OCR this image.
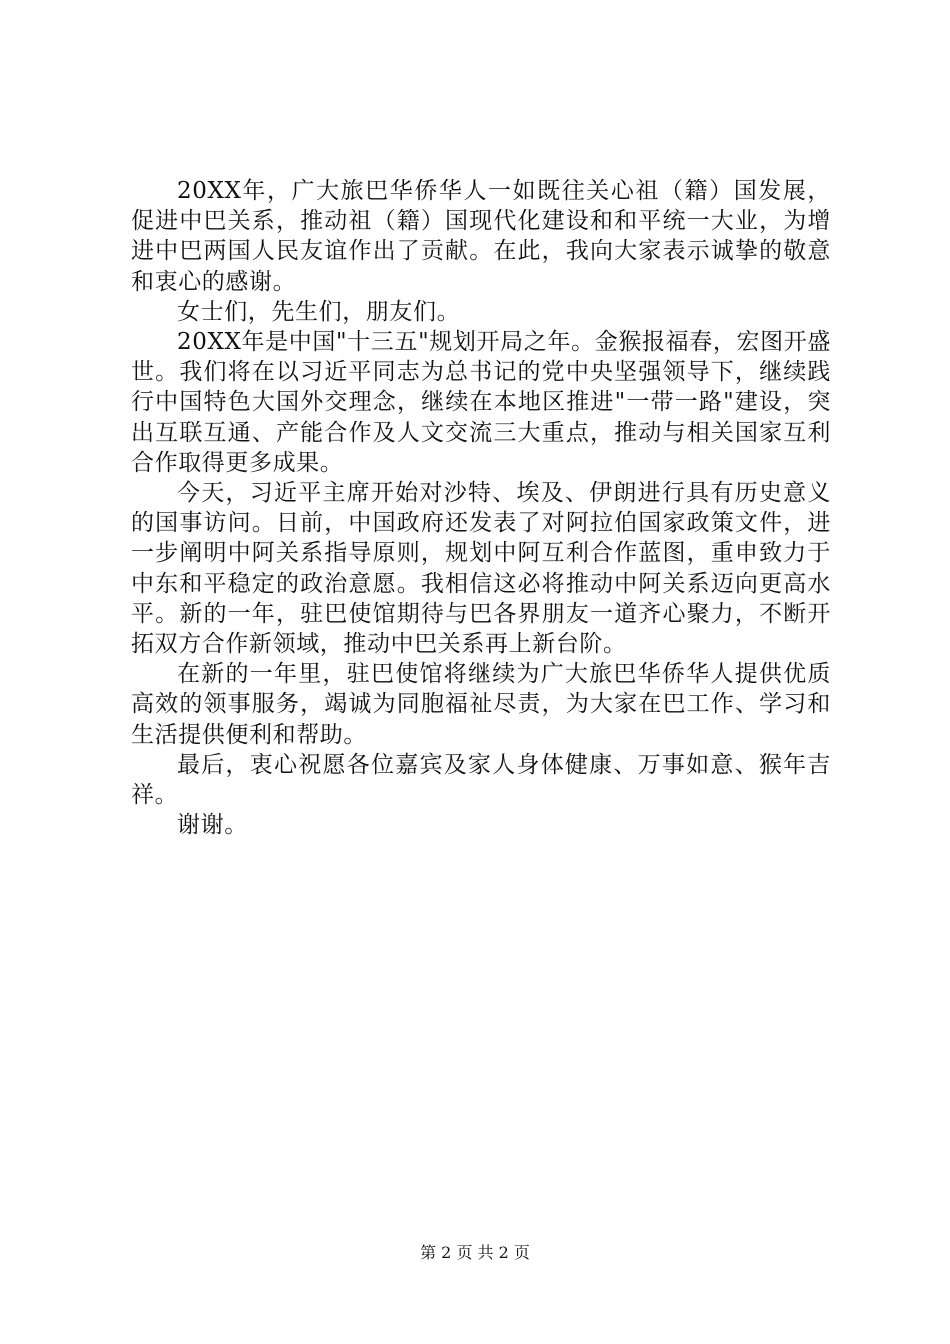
20XX年，广大旅巴华侨华人一如既往关心祖（籍）国发展，促进中巴关系，推动祖（籍）国现代化建设和和平统一大业，为增进中巴两国人民友谊作出了贡献。在此，我向大家表示诚挚的敬意和衷心的感谢。

女士们，先生们，朋友们。

20XX年是中国"十三五"规划开局之年。金猴报福春，宏图开盛世。我们将在以习近平同志为总书记的党中央坚强领导下，继续践行中国特色大国外交理念，继续在本地区推进"一带一路"建设，突出互联互通、产能合作及人文交流三大重点，推动与相关国家互利合作取得更多成果。

今天，习近平主席开始对沙特、埃及、伊朗进行具有历史意义的国事访问。日前，中国政府还发表了对阿拉伯国家政策文件，进一步阐明中阿关系指导原则，规划中阿互利合作蓝图，重申致力于中东和平稳定的政治意愿。我相信这必将推动中阿关系迈向更高水平。新的一年，驻巴使馆期待与巴各界朋友一道齐心聚力，不断开拓双方合作新领域，推动中巴关系再上新台阶。

在新的一年里，驻巴使馆将继续为广大旅巴华侨华人提供优质高效的领事服务，竭诚为同胞福祉尽责，为大家在巴工作、学习和生活提供便利和帮助。

最后，衷心祝愿各位嘉宾及家人身体健康、万事如意、猴年吉祥。

谢谢。

第 2 页 共 2 页
